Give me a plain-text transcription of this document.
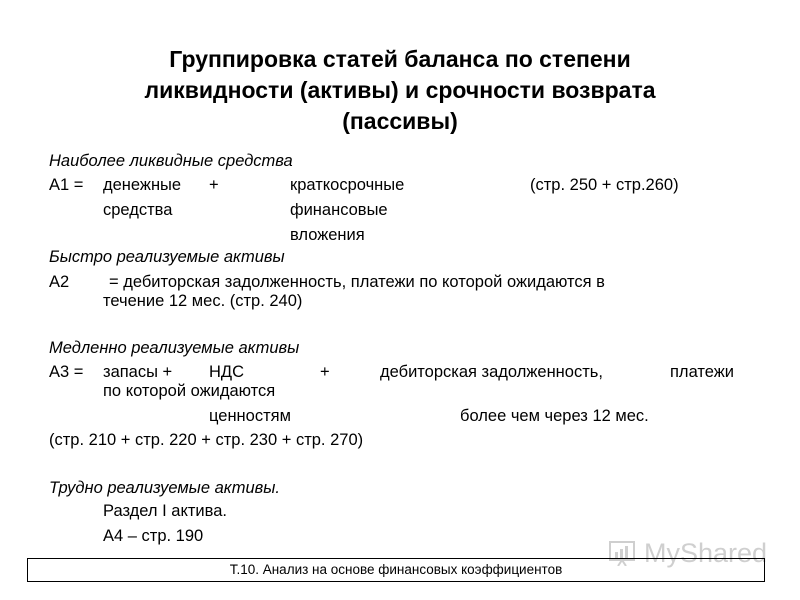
Группировка статей баланса по степени
ликвидности (активы) и срочности возврата
(пассивы)
Наиболее ликвидные средства
А1 = денежные +	краткосрочные	(стр. 250 + стр.260)
средства	финансовые
вложения
Быстро реализуемые активы
А2 = дебиторская задолженность, платежи по которой ожидаются в
течение 12 мес. (стр. 240)
Медленно реализуемые активы
А3 = запасы + НДС	+	дебиторская задолженность,	платежи
по которой ожидаются
ценностям	более чем через 12 мес.
(стр. 210 + стр. 220 + стр. 230 + стр. 270)
Трудно реализуемые активы.
Раздел I актива.
А4 – стр. 190
MyShared
Т.10. Анализ на основе финансовых коэффициентов
